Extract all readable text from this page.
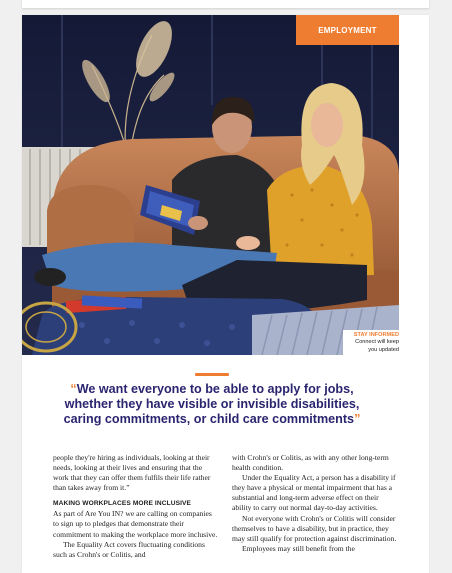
EMPLOYMENT
STAY INFORMED
Connect will keep
you updated
“We want everyone to be able to apply for jobs, whether they have visible or invisible disabilities, caring commitments, or child care commitments”

people they're hiring as individuals, looking at their needs, looking at their lives and ensuring that the work that they can offer them fulfils their life rather than takes away from it.”

MAKING WORKPLACES MORE INCLUSIVE

As part of Are You IN? we are calling on companies to sign up to pledges that demonstrate their commitment to making the workplace more inclusive.

The Equality Act covers fluctuating conditions such as Crohn's or Colitis, and

with Crohn's or Colitis, as with any other long-term health condition.

Under the Equality Act, a person has a disability if they have a physical or mental impairment that has a substantial and long-term adverse effect on their ability to carry out normal day-to-day activities.

Not everyone with Crohn's or Colitis will consider themselves to have a disability, but in practice, they may still qualify for protection against discrimination.

Employees may still benefit from the
